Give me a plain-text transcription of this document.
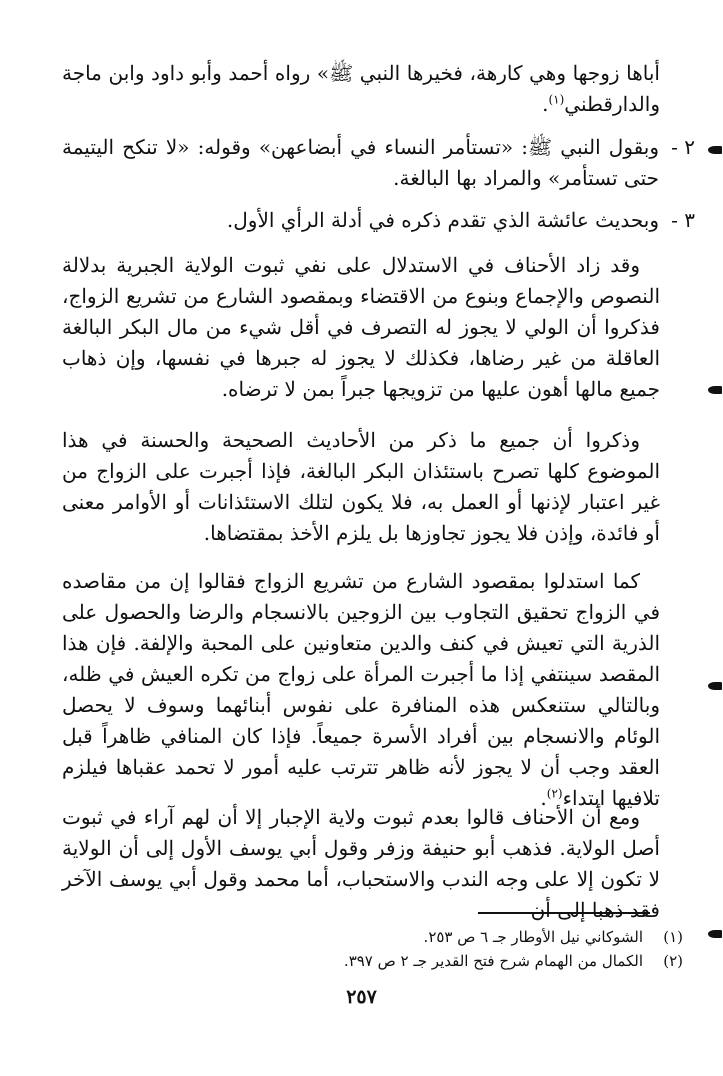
أباها زوجها وهي كارهة، فخيرها النبي ﷺ» رواه أحمد وأبو داود وابن ماجة والدارقطني$^{(١)}$.

٢ -
وبقول النبي ﷺ: «تستأمر النساء في أبضاعهن» وقوله: «لا تنكح اليتيمة حتى تستأمر» والمراد بها البالغة.
٣ -
وبحديث عائشة الذي تقدم ذكره في أدلة الرأي الأول.

وقد زاد الأحناف في الاستدلال على نفي ثبوت الولاية الجبرية بدلالة النصوص والإجماع وبنوع من الاقتضاء وبمقصود الشارع من تشريع الزواج، فذكروا أن الولي لا يجوز له التصرف في أقل شيء من مال البكر البالغة العاقلة من غير رضاها، فكذلك لا يجوز له جبرها في نفسها، وإن ذهاب جميع مالها أهون عليها من تزويجها جبراً بمن لا ترضاه.

وذكروا أن جميع ما ذكر من الأحاديث الصحيحة والحسنة في هذا الموضوع كلها تصرح باستئذان البكر البالغة، فإذا أجبرت على الزواج من غير اعتبار لإذنها أو العمل به، فلا يكون لتلك الاستئذانات أو الأوامر معنى أو فائدة، وإذن فلا يجوز تجاوزها بل يلزم الأخذ بمقتضاها.

كما استدلوا بمقصود الشارع من تشريع الزواج فقالوا إن من مقاصده في الزواج تحقيق التجاوب بين الزوجين بالانسجام والرضا والحصول على الذرية التي تعيش في كنف والدين متعاونين على المحبة والإلفة. فإن هذا المقصد سينتفي إذا ما أجبرت المرأة على زواج من تكره العيش في ظله، وبالتالي ستنعكس هذه المنافرة على نفوس أبنائهما وسوف لا يحصل الوئام والانسجام بين أفراد الأسرة جميعاً. فإذا كان المنافي ظاهراً قبل العقد وجب أن لا يجوز لأنه ظاهر تترتب عليه أمور لا تحمد عقباها فيلزم تلافيها ابتداء$^{(٢)}$.

ومع أن الأحناف قالوا بعدم ثبوت ولاية الإجبار إلا أن لهم آراء في ثبوت أصل الولاية. فذهب أبو حنيفة وزفر وقول أبي يوسف الأول إلى أن الولاية لا تكون إلا على وجه الندب والاستحباب، أما محمد وقول أبي يوسف الآخر فقد ذهبا إلى أن

(١)الشوكاني نيل الأوطار جـ ٦ ص ٢٥٣.
(٢)الكمال من الهمام شرح فتح القدير جـ ٢ ص ٣٩٧.
٢٥٧
